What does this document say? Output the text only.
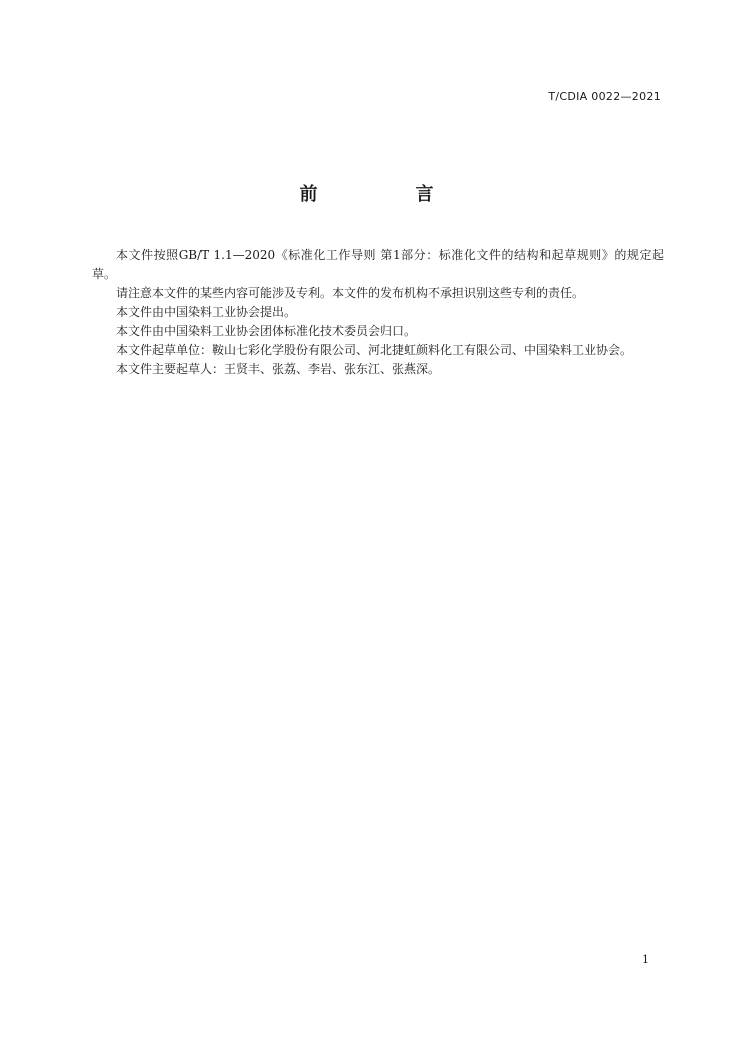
T/CDIA 0022—2021
前　言

本文件按照GB/T 1.1—2020《标准化工作导则 第1部分：标准化文件的结构和起草规则》的规定起草。

请注意本文件的某些内容可能涉及专利。本文件的发布机构不承担识别这些专利的责任。

本文件由中国染料工业协会提出。

本文件由中国染料工业协会团体标准化技术委员会归口。

本文件起草单位：鞍山七彩化学股份有限公司、河北捷虹颜料化工有限公司、中国染料工业协会。

本文件主要起草人：王贤丰、张荔、李岩、张东江、张燕深。

1
